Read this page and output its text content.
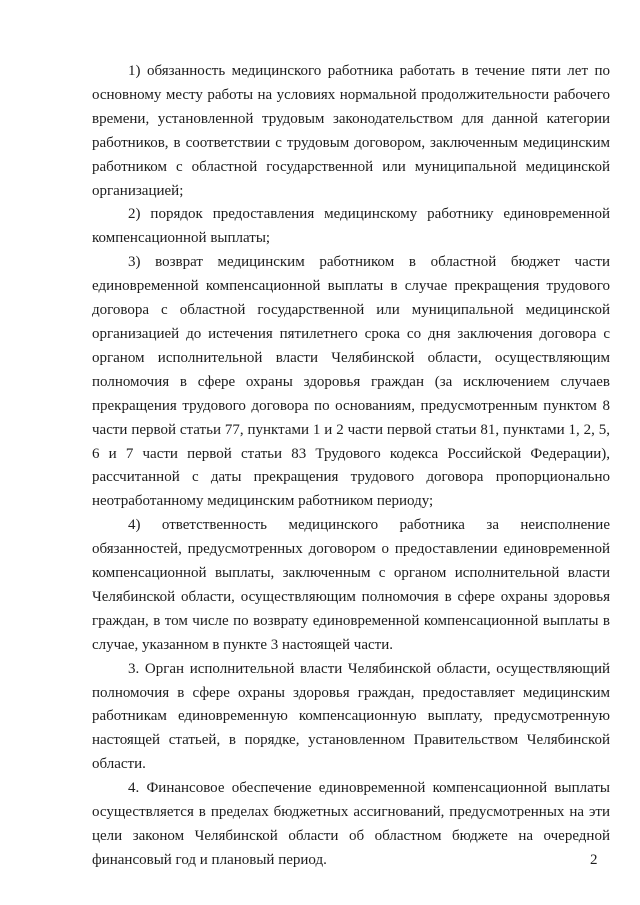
1) обязанность медицинского работника работать в течение пяти лет по основному месту работы на условиях нормальной продолжительности рабочего времени, установленной трудовым законодательством для данной категории работников, в соответствии с трудовым договором, заключенным медицинским работником с областной государственной или муниципальной медицинской организацией;

2) порядок предоставления медицинскому работнику единовременной компенсационной выплаты;

3) возврат медицинским работником в областной бюджет части единовременной компенсационной выплаты в случае прекращения трудового договора с областной государственной или муниципальной медицинской организацией до истечения пятилетнего срока со дня заключения договора с органом исполнительной власти Челябинской области, осуществляющим полномочия в сфере охраны здоровья граждан (за исключением случаев прекращения трудового договора по основаниям, предусмотренным пунктом 8 части первой статьи 77, пунктами 1 и 2 части первой статьи 81, пунктами 1, 2, 5, 6 и 7 части первой статьи 83 Трудового кодекса Российской Федерации), рассчитанной с даты прекращения трудового договора пропорционально неотработанному медицинским работником периоду;

4) ответственность медицинского работника за неисполнение обязанностей, предусмотренных договором о предоставлении единовременной компенсационной выплаты, заключенным с органом исполнительной власти Челябинской области, осуществляющим полномочия в сфере охраны здоровья граждан, в том числе по возврату единовременной компенсационной выплаты в случае, указанном в пункте 3 настоящей части.

3. Орган исполнительной власти Челябинской области, осуществляющий полномочия в сфере охраны здоровья граждан, предоставляет медицинским работникам единовременную компенсационную выплату, предусмотренную настоящей статьей, в порядке, установленном Правительством Челябинской области.

4. Финансовое обеспечение единовременной компенсационной выплаты осуществляется в пределах бюджетных ассигнований, предусмотренных на эти цели законом Челябинской области об областном бюджете на очередной финансовый год и плановый период.	2
